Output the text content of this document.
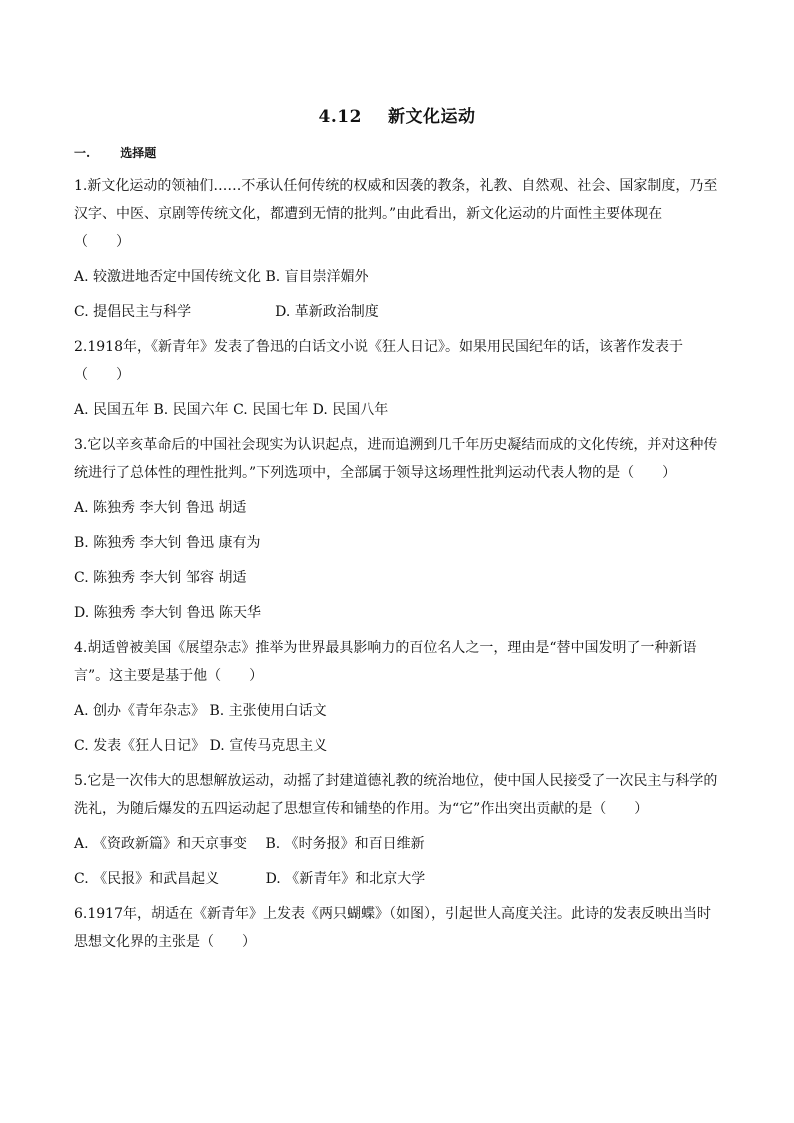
4.12 新文化运动
一.	选择题

1.新文化运动的领袖们……不承认任何传统的权威和因袭的教条，礼教、自然观、社会、国家制度，乃至

汉字、中医、京剧等传统文化，都遭到无情的批判。”由此看出，新文化运动的片面性主要体现在

（　　）

A. 较激进地否定中国传统文化 B. 盲目崇洋媚外

C. 提倡民主与科学　　　　　　D. 革新政治制度

2.1918年，《新青年》发表了鲁迅的白话文小说《狂人日记》。如果用民国纪年的话，该著作发表于（　　）

A. 民国五年 B. 民国六年 C. 民国七年 D. 民国八年

3.它以辛亥革命后的中国社会现实为认识起点，进而追溯到几千年历史凝结而成的文化传统，并对这种传

统进行了总体性的理性批判。”下列选项中，全部属于领导这场理性批判运动代表人物的是（　　）

A. 陈独秀 李大钊 鲁迅 胡适

B. 陈独秀 李大钊 鲁迅 康有为

C. 陈独秀 李大钊 邹容 胡适

D. 陈独秀 李大钊 鲁迅 陈天华

4.胡适曾被美国《展望杂志》推举为世界最具影响力的百位名人之一，理由是“替中国发明了一种新语

言”。这主要是基于他（　　）

A. 创办《青年杂志》 B. 主张使用白话文

C. 发表《狂人日记》 D. 宣传马克思主义

5.它是一次伟大的思想解放运动，动摇了封建道德礼教的统治地位，使中国人民接受了一次民主与科学的

洗礼，为随后爆发的五四运动起了思想宣传和铺垫的作用。为“它”作出突出贡献的是（　　）

A. 《资政新篇》和天京事变　 B. 《时务报》和百日维新

C. 《民报》和武昌起义　　　 D. 《新青年》和北京大学

6.1917年，胡适在《新青年》上发表《两只蝴蝶》（如图），引起世人高度关注。此诗的发表反映出当时

思想文化界的主张是（　　）
